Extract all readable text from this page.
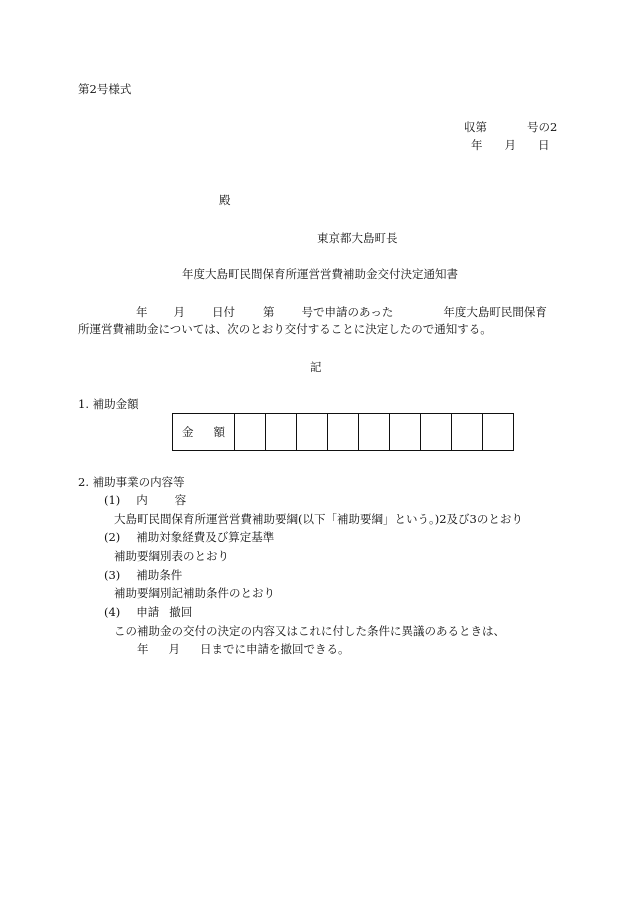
第2号様式
収第	号の2
年 月 日
殿
東京都大島町長
年度大島町民間保育所運営営費補助金交付決定通知書
年 月 日付 第 号で申請のあった	年度大島町民間保育
所運営費補助金については、次のとおり交付することに決定したので通知する。
記
1. 補助金額
金 額									
2. 補助事業の内容等
(1) 内 容
大島町民間保育所運営営費補助要綱(以下「補助要綱」という。)2及び3のとおり
(2) 補助対象経費及び算定基準
補助要綱別表のとおり
(3) 補助条件
補助要綱別記補助条件のとおり
(4) 申請 撤回
この補助金の交付の決定の内容又はこれに付した条件に異議のあるときは、
年 月 日までに申請を撤回できる。
